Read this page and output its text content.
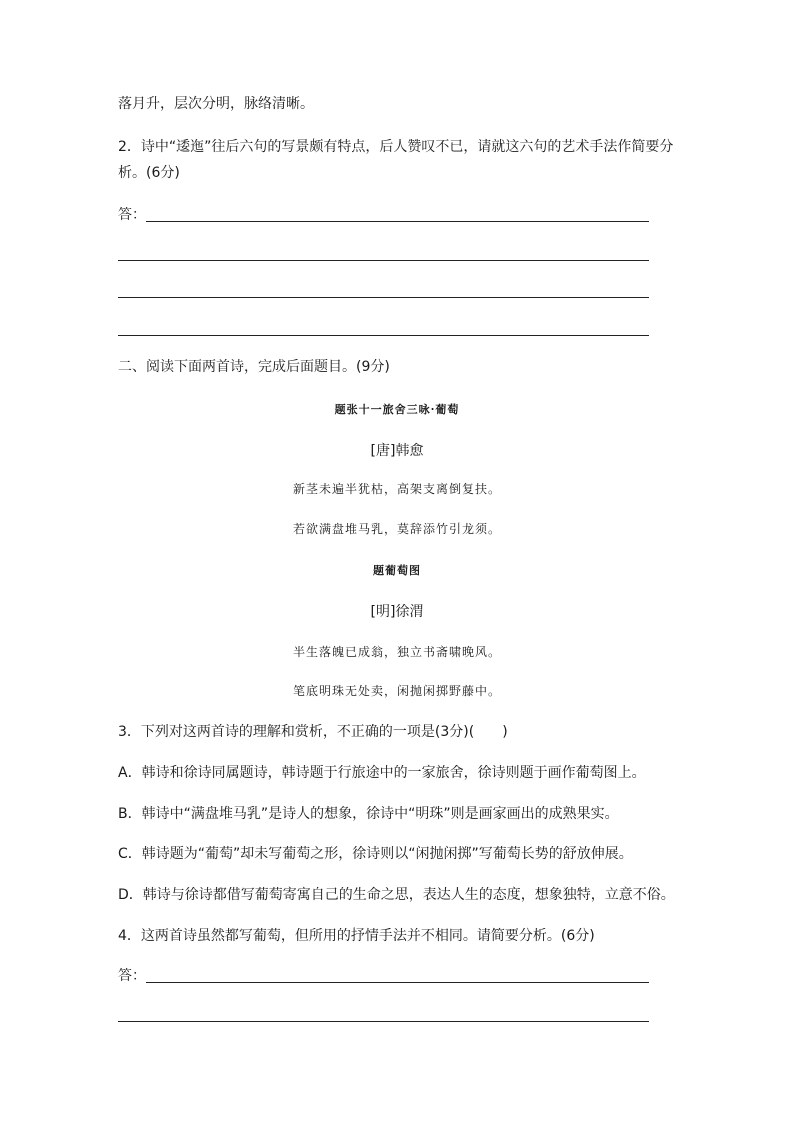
落月升，层次分明，脉络清晰。
2．诗中“逶迤”往后六句的写景颇有特点，后人赞叹不已，请就这六句的艺术手法作简要分
析。(6分)
答：
二、阅读下面两首诗，完成后面题目。(9分)
题张十一旅舍三咏·葡萄
[唐]韩愈
新茎未遍半犹枯，高架支离倒复扶。
若欲满盘堆马乳，莫辞添竹引龙须。
题葡萄图
[明]徐渭
半生落魄已成翁，独立书斋啸晚风。
笔底明珠无处卖，闲抛闲掷野藤中。
3．下列对这两首诗的理解和赏析，不正确的一项是(3分)(　　)
A．韩诗和徐诗同属题诗，韩诗题于行旅途中的一家旅舍，徐诗则题于画作葡萄图上。
B．韩诗中“满盘堆马乳”是诗人的想象，徐诗中“明珠”则是画家画出的成熟果实。
C．韩诗题为“葡萄”却未写葡萄之形，徐诗则以“闲抛闲掷”写葡萄长势的舒放伸展。
D．韩诗与徐诗都借写葡萄寄寓自己的生命之思，表达人生的态度，想象独特，立意不俗。
4．这两首诗虽然都写葡萄，但所用的抒情手法并不相同。请简要分析。(6分)
答：
